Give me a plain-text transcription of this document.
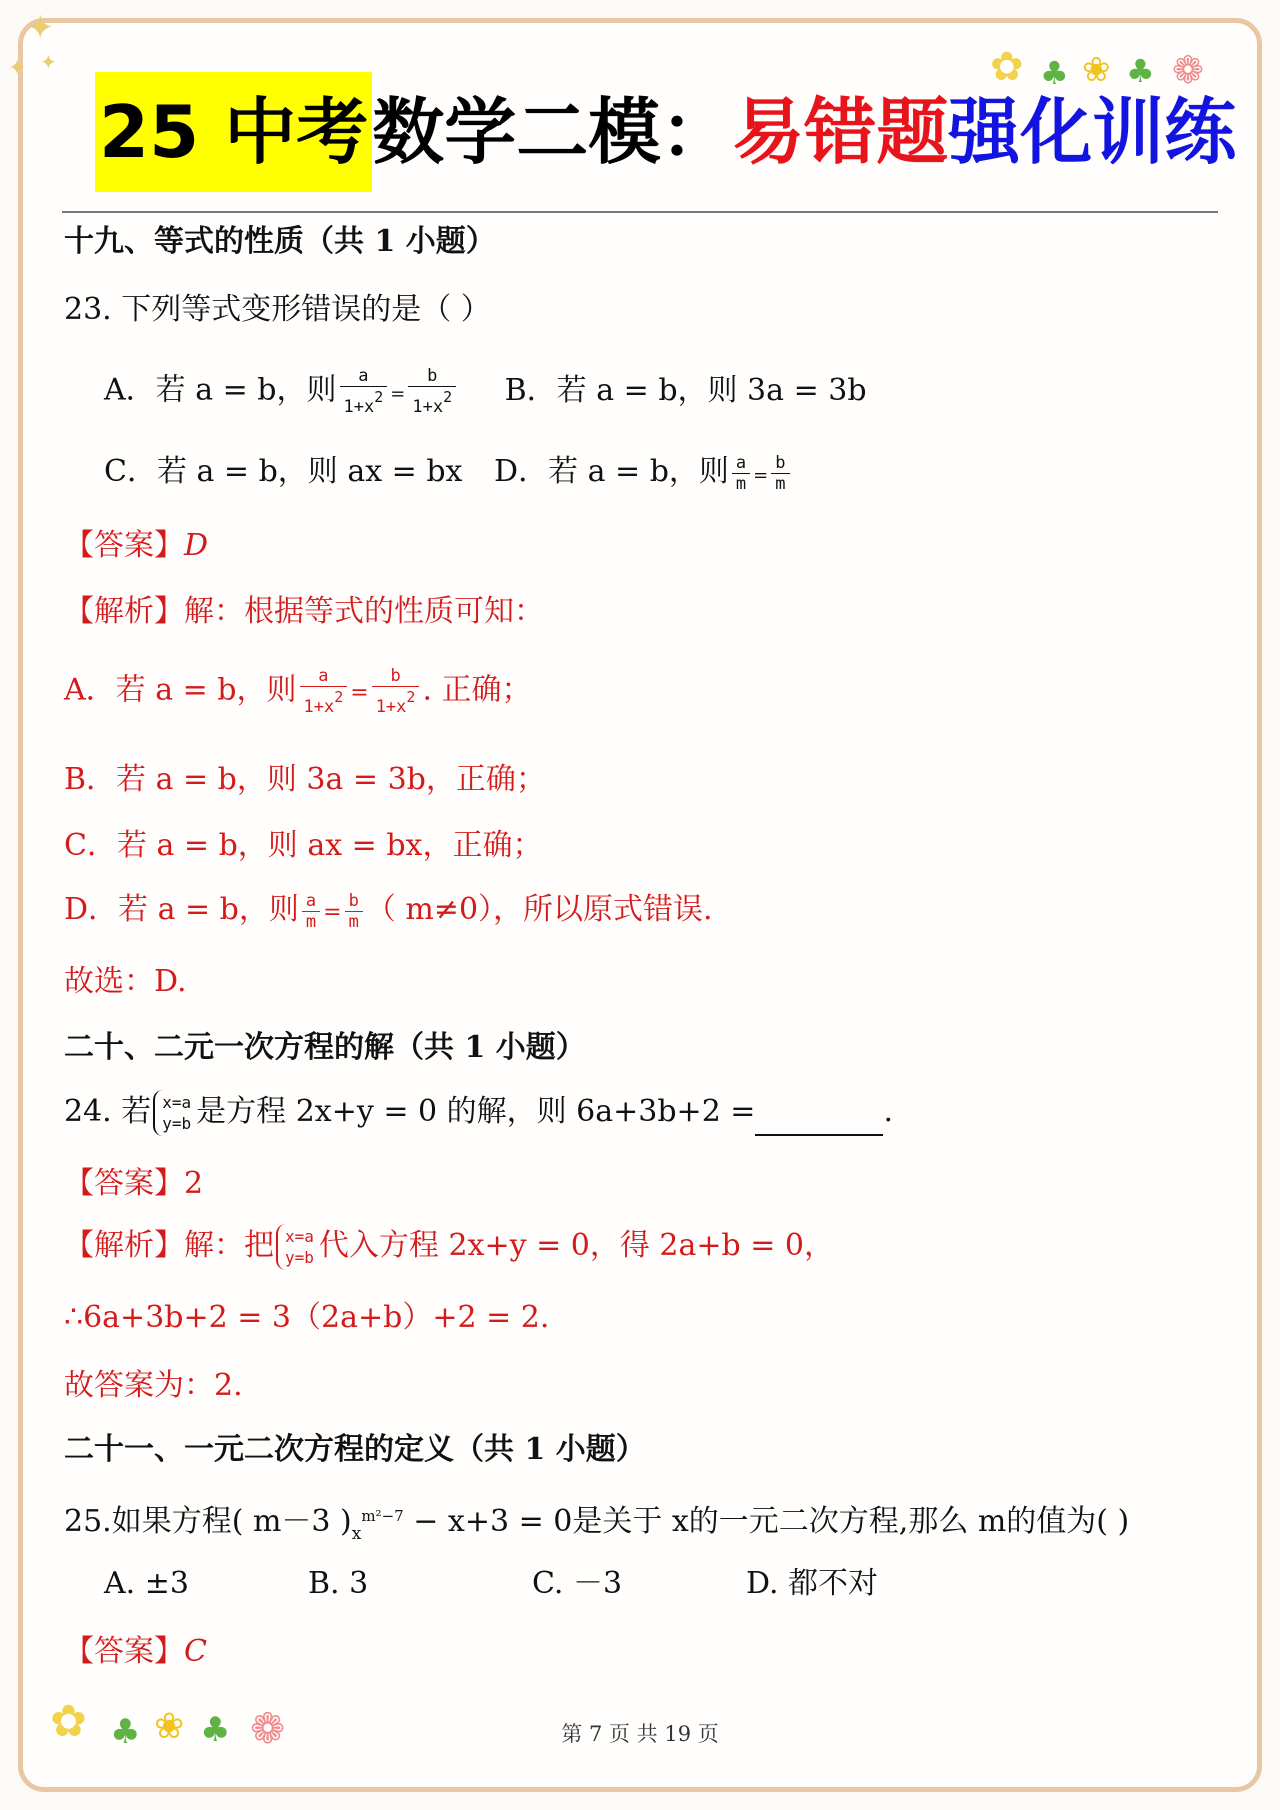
✦
✦ ✦	✿ ♣ ❀ ♣ ❁
25 中考数学二模：易错题强化训练
十九、等式的性质（共 1 小题）
23. 下列等式变形错误的是（ ）
A．若 a = b，则 $\frac{a}{1+x2} = \frac{b}{1+x2}$ B．若 a = b，则 3a = 3b
C．若 a = b，则 ax = bx D．若 a = b，则 $\frac{a}{m} = \frac{b}{m}$
【答案】D
【解析】解：根据等式的性质可知：
A．若 a = b，则 $\frac{a}{1+x2} = \frac{b}{1+x2}$ . 正确；
B．若 a = b，则 3a = 3b，正确；
C．若 a = b，则 ax = bx，正确；
D．若 a = b，则 $\frac{a}{m} = \frac{b}{m}$ （ m≠0），所以原式错误.
故选：D.
二十、二元一次方程的解（共 1 小题）
24. 若 x=a
y=b 是方程 2x+y = 0 的解，则 6a+3b+2 =	.
【答案】2
【解析】解：把 x=a
y=b 代入方程 2x+y = 0，得 2a+b = 0，
∴6a+3b+2 = 3（2a+b）+2 = 2.
故答案为：2.
二十一、一元二次方程的定义（共 1 小题）
25.如果方程( m－3 )$_x^{m^2-7} - x+3 = 0$是关于 x的一元二次方程,那么 m的值为( )
A. ±3	B. 3	C. －3	D. 都不对
【答案】C
✿ ♣ ❀ ♣ ❁	第 7 页 共 19 页
